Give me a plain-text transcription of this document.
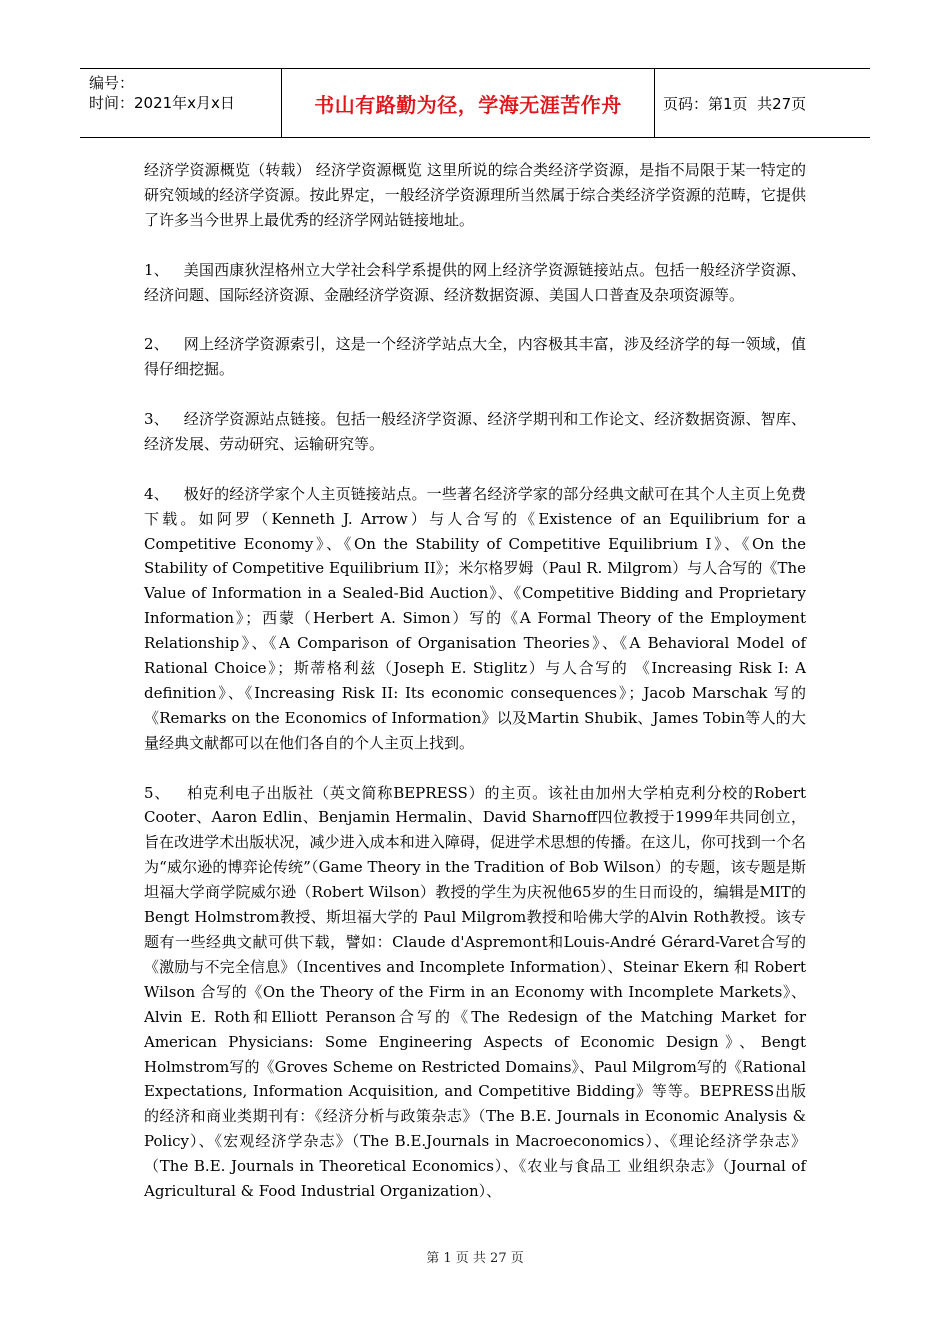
编号：
时间：2021年x月x日	书山有路勤为径，学海无涯苦作舟	页码：第1页  共27页

经济学资源概览（转载） 经济学资源概览 这里所说的综合类经济学资源，是指不局限于某一特定的研究领域的经济学资源。按此界定，一般经济学资源理所当然属于综合类经济学资源的范畴，它提供了许多当今世界上最优秀的经济学网站链接地址。

1、 美国西康狄涅格州立大学社会科学系提供的网上经济学资源链接站点。包括一般经济学资源、经济问题、国际经济资源、金融经济学资源、经济数据资源、美国人口普查及杂项资源等。

2、 网上经济学资源索引，这是一个经济学站点大全，内容极其丰富，涉及经济学的每一领域，值得仔细挖掘。

3、 经济学资源站点链接。包括一般经济学资源、经济学期刊和工作论文、经济数据资源、智库、经济发展、劳动研究、运输研究等。

4、 极好的经济学家个人主页链接站点。一些著名经济学家的部分经典文献可在其个人主页上免费下载。如阿罗（Kenneth J. Arrow）与人合写的《Existence of an Equilibrium for a Competitive Economy》、《On the Stability of Competitive Equilibrium I》、《On the Stability of Competitive Equilibrium II》；米尔格罗姆（Paul R. Milgrom）与人合写的《The Value of Information in a Sealed-Bid Auction》、《Competitive Bidding and Proprietary Information》；西蒙（Herbert A. Simon）写的《A Formal Theory of the Employment Relationship》、《A Comparison of Organisation Theories》、《A Behavioral Model of Rational Choice》；斯蒂格利兹（Joseph E. Stiglitz）与人合写的 《Increasing Risk I: A definition》、《Increasing Risk II: Its economic consequences》；Jacob Marschak 写的《Remarks on the Economics of Information》以及Martin Shubik、James Tobin等人的大量经典文献都可以在他们各自的个人主页上找到。

5、 柏克利电子出版社（英文简称BEPRESS）的主页。该社由加州大学柏克利分校的Robert Cooter、Aaron Edlin、Benjamin Hermalin、David Sharnoff四位教授于1999年共同创立，旨在改进学术出版状况，减少进入成本和进入障碍，促进学术思想的传播。在这儿，你可找到一个名为“威尔逊的博弈论传统”（Game Theory in the Tradition of Bob Wilson）的专题，该专题是斯坦福大学商学院威尔逊（Robert Wilson）教授的学生为庆祝他65岁的生日而设的，编辑是MIT的Bengt Holmstrom教授、斯坦福大学的 Paul Milgrom教授和哈佛大学的Alvin Roth教授。该专题有一些经典文献可供下载，譬如：Claude d'Aspremont和Louis-André Gérard-Varet合写的《激励与不完全信息》（Incentives and Incomplete Information）、Steinar Ekern 和 Robert Wilson 合写的《On the Theory of the Firm in an Economy with Incomplete Markets》、Alvin E. Roth和Elliott Peranson合写的《The Redesign of the Matching Market for American Physicians: Some Engineering Aspects of Economic Design》、Bengt Holmstrom写的《Groves Scheme on Restricted Domains》、Paul Milgrom写的《Rational Expectations, Information Acquisition, and Competitive Bidding》等等。BEPRESS出版的经济和商业类期刊有：《经济分析与政策杂志》（The B.E. Journals in Economic Analysis & Policy）、《宏观经济学杂志》（The B.E.Journals in Macroeconomics）、《理论经济学杂志》（The B.E. Journals in Theoretical Economics）、《农业与食品工 业组织杂志》（Journal of Agricultural & Food Industrial Organization）、

第 1 页 共 27 页
